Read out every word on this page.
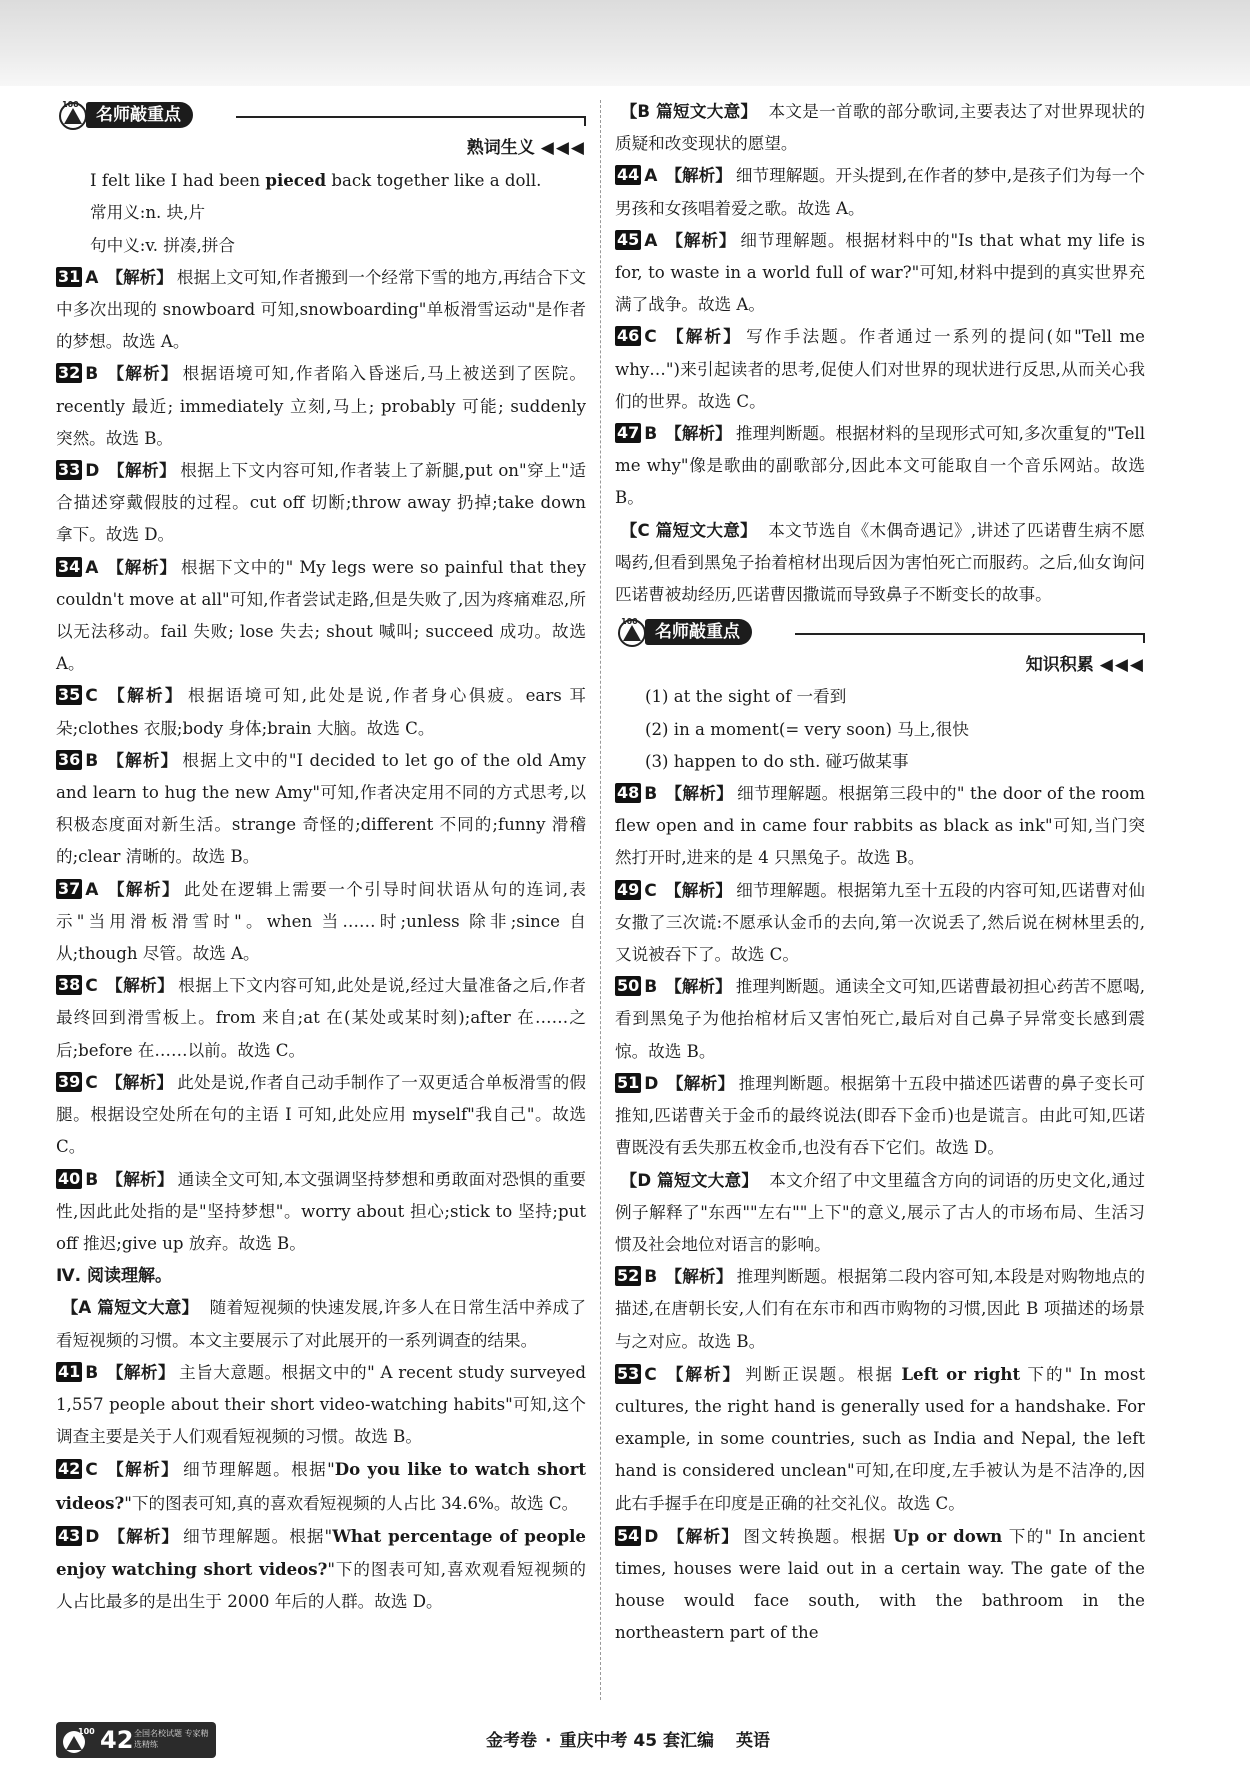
100
名师敲重点

熟词生义 ◀◀◀

I felt like I had been pieced back together like a doll.

常用义:n. 块,片

句中义:v. 拼凑,拼合

31 A 【解析】 根据上文可知,作者搬到一个经常下雪的地方,再结合下文中多次出现的 snowboard 可知,snowboarding"单板滑雪运动"是作者的梦想。故选 A。

32 B 【解析】 根据语境可知,作者陷入昏迷后,马上被送到了医院。recently 最近; immediately 立刻,马上; probably 可能; suddenly 突然。故选 B。

33 D 【解析】 根据上下文内容可知,作者装上了新腿,put on"穿上"适合描述穿戴假肢的过程。cut off 切断;throw away 扔掉;take down 拿下。故选 D。

34 A 【解析】 根据下文中的" My legs were so painful that they couldn't move at all"可知,作者尝试走路,但是失败了,因为疼痛难忍,所以无法移动。fail 失败; lose 失去; shout 喊叫; succeed 成功。故选 A。

35 C 【解析】 根据语境可知,此处是说,作者身心俱疲。ears 耳朵;clothes 衣服;body 身体;brain 大脑。故选 C。

36 B 【解析】 根据上文中的"I decided to let go of the old Amy and learn to hug the new Amy"可知,作者决定用不同的方式思考,以积极态度面对新生活。strange 奇怪的;different 不同的;funny 滑稽的;clear 清晰的。故选 B。

37 A 【解析】 此处在逻辑上需要一个引导时间状语从句的连词,表示"当用滑板滑雪时"。when 当……时;unless 除非;since 自从;though 尽管。故选 A。

38 C 【解析】 根据上下文内容可知,此处是说,经过大量准备之后,作者最终回到滑雪板上。from 来自;at 在(某处或某时刻);after 在……之后;before 在……以前。故选 C。

39 C 【解析】 此处是说,作者自己动手制作了一双更适合单板滑雪的假腿。根据设空处所在句的主语 I 可知,此处应用 myself"我自己"。故选 C。

40 B 【解析】 通读全文可知,本文强调坚持梦想和勇敢面对恐惧的重要性,因此此处指的是"坚持梦想"。worry about 担心;stick to 坚持;put off 推迟;give up 放弃。故选 B。

Ⅳ. 阅读理解。

【A 篇短文大意】 随着短视频的快速发展,许多人在日常生活中养成了看短视频的习惯。本文主要展示了对此展开的一系列调查的结果。

41 B 【解析】 主旨大意题。根据文中的" A recent study surveyed 1,557 people about their short video-watching habits"可知,这个调查主要是关于人们观看短视频的习惯。故选 B。

42 C 【解析】 细节理解题。根据"Do you like to watch short videos?"下的图表可知,真的喜欢看短视频的人占比 34.6%。故选 C。

43 D 【解析】 细节理解题。根据"What percentage of people enjoy watching short videos?"下的图表可知,喜欢观看短视频的人占比最多的是出生于 2000 年后的人群。故选 D。

【B 篇短文大意】 本文是一首歌的部分歌词,主要表达了对世界现状的质疑和改变现状的愿望。

44 A 【解析】 细节理解题。开头提到,在作者的梦中,是孩子们为每一个男孩和女孩唱着爱之歌。故选 A。

45 A 【解析】 细节理解题。根据材料中的"Is that what my life is for, to waste in a world full of war?"可知,材料中提到的真实世界充满了战争。故选 A。

46 C 【解析】 写作手法题。作者通过一系列的提问(如"Tell me why…")来引起读者的思考,促使人们对世界的现状进行反思,从而关心我们的世界。故选 C。

47 B 【解析】 推理判断题。根据材料的呈现形式可知,多次重复的"Tell me why"像是歌曲的副歌部分,因此本文可能取自一个音乐网站。故选 B。

【C 篇短文大意】 本文节选自《木偶奇遇记》,讲述了匹诺曹生病不愿喝药,但看到黑兔子抬着棺材出现后因为害怕死亡而服药。之后,仙女询问匹诺曹被劫经历,匹诺曹因撒谎而导致鼻子不断变长的故事。

100
名师敲重点

知识积累 ◀◀◀

(1) at the sight of 一看到

(2) in a moment(= very soon) 马上,很快

(3) happen to do sth. 碰巧做某事

48 B 【解析】 细节理解题。根据第三段中的" the door of the room flew open and in came four rabbits as black as ink"可知,当门突然打开时,进来的是 4 只黑兔子。故选 B。

49 C 【解析】 细节理解题。根据第九至十五段的内容可知,匹诺曹对仙女撒了三次谎:不愿承认金币的去向,第一次说丢了,然后说在树林里丢的,又说被吞下了。故选 C。

50 B 【解析】 推理判断题。通读全文可知,匹诺曹最初担心药苦不愿喝,看到黑兔子为他抬棺材后又害怕死亡,最后对自己鼻子异常变长感到震惊。故选 B。

51 D 【解析】 推理判断题。根据第十五段中描述匹诺曹的鼻子变长可推知,匹诺曹关于金币的最终说法(即吞下金币)也是谎言。由此可知,匹诺曹既没有丢失那五枚金币,也没有吞下它们。故选 D。

【D 篇短文大意】 本文介绍了中文里蕴含方向的词语的历史文化,通过例子解释了"东西""左右""上下"的意义,展示了古人的市场布局、生活习惯及社会地位对语言的影响。

52 B 【解析】 推理判断题。根据第二段内容可知,本段是对购物地点的描述,在唐朝长安,人们有在东市和西市购物的习惯,因此 B 项描述的场景与之对应。故选 B。

53 C 【解析】 判断正误题。根据 Left or right 下的" In most cultures, the right hand is generally used for a handshake. For example, in some countries, such as India and Nepal, the left hand is considered unclean"可知,在印度,左手被认为是不洁净的,因此右手握手在印度是正确的社交礼仪。故选 C。

54 D 【解析】 图文转换题。根据 Up or down 下的" In ancient times, houses were laid out in a certain way. The gate of the house would face south, with the bathroom in the northeastern part of the

100 42 全国名校试题 专家精选精练	金考卷 · 重庆中考 45 套汇编 英语
